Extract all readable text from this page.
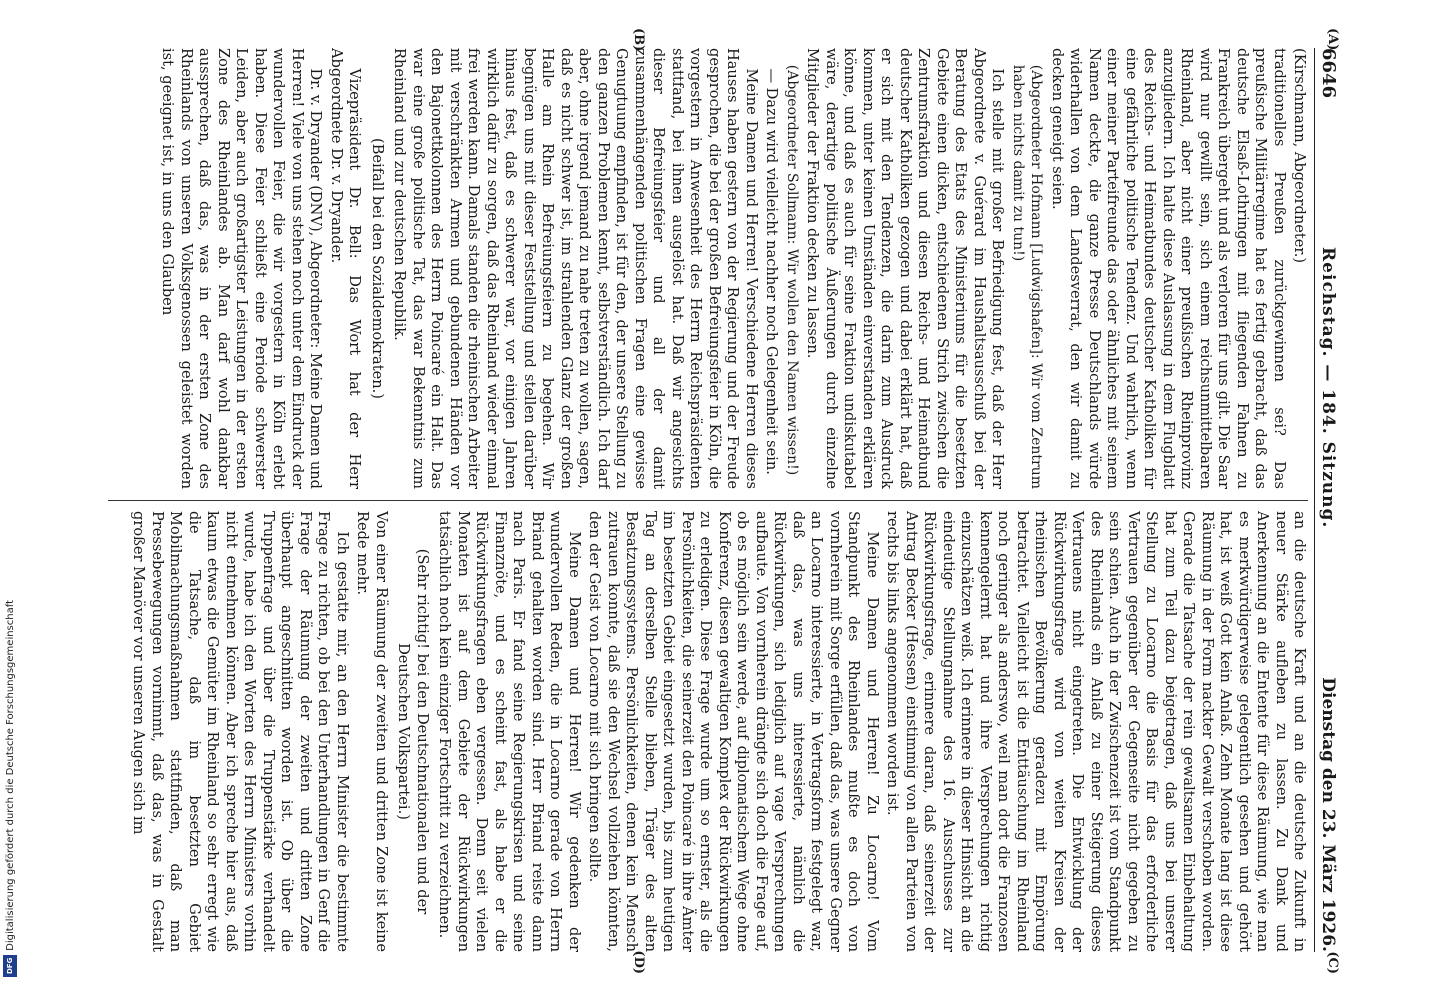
6646
Reichstag. — 184. Sitzung.
Dienstag den 23. März 1926.

(Kirschmann, Abgeordneter.)

traditionelles Preußen zurückgewinnen sei? Das preußische Militärregime hat es fertig gebracht, daß das deutsche Elsaß-Lothringen mit fliegenden Fahnen zu Frankreich übergeht und als verloren für uns gilt. Die Saar wird nur gewillt sein, sich einem reichsunmittelbaren Rheinland, aber nicht einer preußischen Rheinprovinz anzugliedern. Ich halte diese Auslassung in dem Flugblatt des Reichs- und Heimatbundes deutscher Katholiken für eine gefährliche politische Tendenz. Und wahrlich, wenn einer meiner Parteifreunde das oder ähnliches mit seinem Namen deckte, die ganze Presse Deutschlands würde widerhallen von dem Landesverrat, den wir damit zu decken geneigt seien.

(Abgeordneter Hofmann [Ludwigshafen]: Wir vom Zentrum haben nichts damit zu tun!)

Ich stelle mit großer Befriedigung fest, daß der Herr Abgeordnete v. Guérard im Haushaltsausschuß bei der Beratung des Etats des Ministeriums für die besetzten Gebiete einen dicken, entschiedenen Strich zwischen die Zentrumsfraktion und diesen Reichs- und Heimatbund deutscher Katholiken gezogen und dabei erklärt hat, daß er sich mit den Tendenzen, die darin zum Ausdruck kommen, unter keinen Umständen einverstanden erklären könne, und daß es auch für seine Fraktion undiskutabel wäre, derartige politische Äußerungen durch einzelne Mitglieder der Fraktion decken zu lassen.

(Abgeordneter Sollmann: Wir wollen den Namen wissen!)

— Dazu wird vielleicht nachher noch Gelegenheit sein.

Meine Damen und Herren! Verschiedene Herren dieses Hauses haben gestern von der Regierung und der Freude gesprochen, die bei der großen Befreiungsfeier in Köln, die vorgestern in Anwesenheit des Herrn Reichspräsidenten stattfand, bei ihnen ausgelöst hat. Daß wir angesichts dieser Befreiungsfeier und all der damit zusammenhängenden politischen Fragen eine gewisse Genugtuung empfinden, ist für den, der unsere Stellung zu den ganzen Problemen kennt, selbstverständlich. Ich darf aber, ohne irgend jemand zu nahe treten zu wollen, sagen, daß es nicht schwer ist, im strahlenden Glanz der großen Halle am Rhein Befreiungsfeiern zu begehen. Wir begnügen uns mit dieser Feststellung und stellen darüber hinaus fest, daß es schwerer war, vor einigen Jahren wirklich dafür zu sorgen, daß das Rheinland wieder einmal frei werden kann. Damals standen die rheinischen Arbeiter mit verschränkten Armen und gebundenen Händen vor den Bajonettkolonnen des Herrn Poincaré ein Halt. Das war eine große politische Tat, das war Bekenntnis zum Rheinland und zur deutschen Republik.

(Beifall bei den Sozialdemokraten.)

Vizepräsident Dr. Bell: Das Wort hat der Herr Abgeordnete Dr. v. Dryander.

Dr. v. Dryander (DNV), Abgeordneter: Meine Damen und Herren! Viele von uns stehen noch unter dem Eindruck der wundervollen Feier, die wir vorgestern in Köln erlebt haben. Diese Feier schließt eine Periode schwerster Leiden, aber auch großartigster Leistungen in der ersten Zone des Rheinlandes ab. Man darf wohl dankbar aussprechen, daß das, was in der ersten Zone des Rheinlands von unseren Volksgenossen geleistet worden ist, geeignet ist, in uns den Glauben

an die deutsche Kraft und an die deutsche Zukunft in neuer Stärke aufleben zu lassen. Zu Dank und Anerkennung an die Entente für diese Räumung, wie man es merkwürdigerweise gelegentlich gesehen und gehört hat, ist weiß Gott kein Anlaß. Zehn Monate lang ist diese Räumung in der Form nackter Gewalt verschoben worden. Gerade die Tatsache der rein gewaltsamen Einbehaltung hat zum Teil dazu beigetragen, daß uns bei unserer Stellung zu Locarno die Basis für das erforderliche Vertrauen gegenüber der Gegenseite nicht gegeben zu sein schien. Auch in der Zwischenzeit ist vom Standpunkt des Rheinlands ein Anlaß zu einer Steigerung dieses Vertrauens nicht eingetreten. Die Entwicklung der Rückwirkungsfrage wird von weiten Kreisen der rheinischen Bevölkerung geradezu mit Empörung betrachtet. Vielleicht ist die Enttäuschung im Rheinland noch geringer als anderswo, weil man dort die Franzosen kennengelernt hat und ihre Versprechungen richtig einzuschätzen weiß. Ich erinnere in dieser Hinsicht an die eindeutige Stellungnahme des 16. Ausschusses zur Rückwirkungsfrage, erinnere daran, daß seinerzeit der Antrag Becker (Hessen) einstimmig von allen Parteien von rechts bis links angenommen worden ist.

Meine Damen und Herren! Zu Locarno! Vom Standpunkt des Rheinlandes mußte es doch von vornherein mit Sorge erfüllen, daß das, was unsere Gegner an Locarno interessierte, in Vertragsform festgelegt war, daß das, was uns interessierte, nämlich die Rückwirkungen, sich lediglich auf vage Versprechungen aufbaute. Von vornherein drängte sich doch die Frage auf, ob es möglich sein werde, auf diplomatischem Wege ohne Konferenz, diesen gewaltigen Komplex der Rückwirkungen zu erledigen. Diese Frage wurde um so ernster, als die Persönlichkeiten, die seinerzeit den Poincaré in ihre Ämter im besetzten Gebiet eingesetzt wurden, bis zum heutigen Tag an derselben Stelle blieben, Träger des alten Besatzungssystems. Persönlichkeiten, denen kein Mensch zutrauen konnte, daß sie den Wechsel vollziehen könnten, den der Geist von Locarno mit sich bringen sollte.

Meine Damen und Herren! Wir gedenken der wundervollen Reden, die in Locarno gerade von Herrn Briand gehalten worden sind. Herr Briand reiste dann nach Paris. Er fand seine Regierungskrisen und seine Finanznöte, und es scheint fast, als habe er die Rückwirkungsfragen eben vergessen. Denn seit vielen Monaten ist auf dem Gebiete der Rückwirkungen tatsächlich noch kein einziger Fortschritt zu verzeichnen.

(Sehr richtig! bei den Deutschnationalen und der Deutschen Volkspartei.)

Von einer Räumung der zweiten und dritten Zone ist keine Rede mehr.

Ich gestatte mir, an den Herrn Minister die bestimmte Frage zu richten, ob bei den Unterhandlungen in Genf die Frage der Räumung der zweiten und dritten Zone überhaupt angeschnitten worden ist. Ob über die Truppenfrage und über die Truppenstärke verhandelt wurde, habe ich den Worten des Herrn Ministers vorhin nicht entnehmen können. Aber ich spreche hier aus, daß kaum etwas die Gemüter im Rheinland so sehr erregt wie die Tatsache, daß im besetzten Gebiet Mobilmachungsmaßnahmen stattfinden, daß man Pressebewegungen vornimmt, daß das, was in Gestalt großer Manöver vor unseren Augen sich im

(A)
(B)
(C)
(D)
Digitalisierung gefördert durch die Deutsche Forschungsgemeinschaft
DFG
